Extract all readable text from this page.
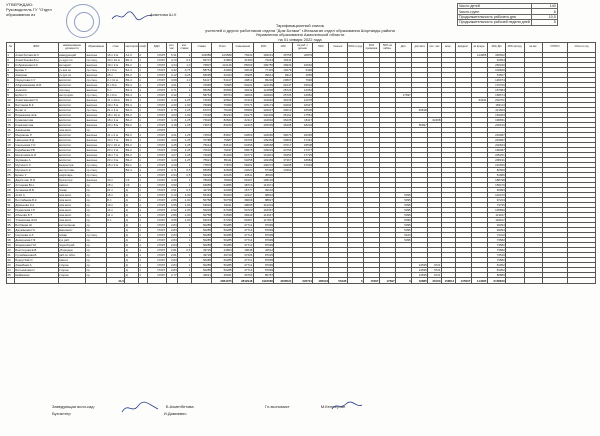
УТВЕРЖДАЮ:
Руководитель ГУ "Отдел
образования из	Ахметова Ш.Х
Тарификационный список
учителей и других работников отдела "Дом Ботаки" г.Жезказган отдел образования Шортанды района
Управления образования Акмолинской области
на 01 января 2022 года
Число детей	140
Число групп	6
Продолжительность рабочего дня	10,5
Продолжительность рабочей недели дней	5
№	ФИО	наименование должности	образование	стаж	категория	коэф.	БДО	кол. час	кол. ставок	ставка	Итого	повышение	25%	10%	за раб. с детьми	50%	Сельск.	50% кл.рук	30% проверка	50% за кабин.	Доп.	доплата	кол. час	возр.	вреднос.	за вредн.	40% ДО	40% молод.	за кат.	ИТОГО	Итого в год
1	Ахметбетова Ш.Х	заведующий	высшее	16 л 3 м	А1-3	2	17697	5,31	1	104589	104589	78442	183031	45758	22879											114385	366562				
2	Ахметбекова Б.Н	уч.курс.по	ср.спец.	19 л 10 м	В2-4	1	17697	4,73	0,5	83707	41853	31390	73243	18311													91554				
3	Кобдикенова К.К	методист	высшее	19 л 3 м	В3-2	1	17697	4,34	1,0	76807	114146	85609	199755	49939	16646												266340				
4	Ержан Т	уч.каз.яз	ср.спец.	3 л 0 м	Б4-4	1	17697	3,32	0,75	58754	44066	33049	77115	19279	6426												102820				
5	Амирхан	уч.рус.яз	высшее	25 л	В3-2	1	17697	3,12	0,25	56695	22463	16985	39641	9910	4955												54507				
6	Окунулова С.У	воспитат.	ср.спец.	2 л 11 м	В3-4	1	17697	3,09	1,0	54417	54417	40813	95230	23807	7936												126974				
7	Абдрахманова Ж.Б	воспитат.	высшее	6 л 8 м	В3-4	1	17697	4,01	1	70965	70965	53224	124189	31047	15524												170760				
8	Анасиса	логопед	высшее	5 л	В3-4	1	17697	3,71	1	65656	65656	49242	114898	28724	14362												157984				
9	Ербол С	инстр.физ.	ср.спец.	6 л 0 м	В3-4	1	17697	3,32	1	58754	58754	44066	102820	25705	12852						17697						158574				
10	Ахметжанова Г.К	воспитат.	высшее	11 л 10 м	В3-2	1	17697	4,10	1,25	72620	92822	62119	144940	36235	12078											64311	202761				
11	Балтаева Б.К	воспитат.	высшее	19 л 5 м	В3-4	1	17697	4,30	1,00	76099	76099	57074	133173	33293	16647												183113				
12	Болат А	воспитат.	ср.спец.	21 л 4 м	В4-3	1	17697	3,75	1,25	67072	75446	56582	132027	33012	16506							40618					211563				
13	Биржанова Ж.Е	воспитат.	высшее	18 л 10 м	В3-2	1	17697	4,03	1,00	71318	80234	60175	140409	35102	17551												193063				
14	Кужахметова	воспитат.	высшее	18 л 4 м	В4-2	1	17697	4,16	1,25	73620	82823	62117	144940	36235	18117								62468				199651				
15	Кожахметова	воспитат.	высшее	20 л 8 м	В3-2	1	17697	4,18	1,25	73974	83220	62415	145635	36408	18204							56997					200610				
16	Ажикенова	пом.восп.	ср.				17697																								
17	Мырзахан Р	воспитат.	высшее	11 л 4 м	В3-3	1	17697	4,21	1,25	74504	83817	62863	146680	36670	18335												204087				
18	Накорова Ф.Д	воспитат.	высшее	19 л 7 м	В3-2	1	17697	4,00	1,25	70788	79687	59765	139452	34863	17431												203997				
19	Сансызова Г.О	воспитат.	высшее	22 л 10 м	В3-2	1	17697	4,25	1,25	75212	84610	63458	148068	37017	18508												202844				
20	Карабаева Р.Б	воспитат.	высшее	23 л 2 м	В3-2	1	17697	3,99	1,25	70610	79437	59578	139015	34754	17377												199487				
21	Шегалиева Н.И	воспитат.	высшее	18 л 7 м	В3-2	1	17697	4,07	1,25	72026	81029	60772	141801	35450	17725												205251				
22	Жумаева А	воспитат.	высшее	20 л 0 м	В3-2	1	17697	4,29	1,25	75921	85411	64058	149469	37367	18684												208191				
23	Мусина К.Х	медсестра	ср.спец.	15 л 4 м	В4-1	1	17697	4,40	1	77870	77870	58402	136272	34068	17034												191650				
24	Мусина К.К	инстр.плав.	ср.спец.		В4-4	1	17697	3,71	0,5	65655	32828	24620	57448	14362													82060				
25	Ерние У	секретарь	ср.спец.			1	17697	2,94	0,5	52029	26015	19511	45526														81986				
26	Даулетнат И.Я	бухгалтер	высшее	10 л	С2	1	17697	4,46	1	78929	78929	59197	138126														188798				
27	Астанова В.Н	завхоз	ср.	15 л	С3	1	17697	3,90	1	64955	64955	48716	113671														158479				
28	Асланова В.Б	повар	ср.	21 л	Д	1	17697	2,51	0,5	44739	22369	16777	39146														60993				
29	Асей А	пом.восп.	ср.	15 л	Д	1	17697	3,10	1,00	56463	56463	42347	98810								5395						102070				
30	Болтабаева Б.К	пом.восп.	ср.	8 л	Д	1	17697	2,86	1,00	50758	50758	38069	88827								5395						97224				
31	Даменова З.А	пом.восп.	ср.	10 л	Д	1	17697	3,05	1,00	53922	64011	48008	112019								5395						73795				
32	Реджепова Г.Р	пом.восп.	ср.	14 л	Д	1	17697	2,92	1,00	52029	67638	50729	118367								5395						105890				
33	Абенова Б.Т	пом.восп.	ср.	11 л	Д	1	17697	2,86	1,00	50758	64598	48449	113047								5395						113047				
34	Тлемисова Ж.М	пом.восп.	ср.	9 л	Д	1	17697	3,55	1,00	63223	67330	50497	117827								5395						118427				
35	Ботбаева Ш	кастелянша	ср.		Д	1	17697	2,84	1	50285	50285	37714	87999								5395						93394				
36	Джуманова Г.К	машинист	ср.		Д	1	17697	2,84	1	50285	50285	37714	87999								5395						93394				
37	Сергеева А.З	повар	ср.спец.		Д	1	17697	2,84	1	50285	50285	37714	87999								6163						73310				
38	Демеунова Г.Ф	кух.раб.	ср.		Д	1	17697	2,84	1	50285	50285	37714	87999								5395						73582				
39	Жаркенова Г.М	подсоб.раб.	ср.		Д	1	17697	2,84	1	50285	50285	37714	87999														73582				
40	Бектлеуова Е.В	уборщица	ср.		Д	1	17697	2,81	0,5	49729	24864	18648	43512														73582				
41	Сулейменова Б	раб.по обсл.	ср.		Д	1	17697	2,81	1	49729	49729	37296	87025														73519				
42	Беркутбай О	завхоз	ср.		Д	1	17697	2,84	1	50285	50285	37714	87999														73582				
43	Аманбаев А	сторож	ср.		Д	1	17697	2,84	1	50285	50285	37714	87999									14535	6721				81952				
44	Битемисова Н	сторож	ср.		Д	1	17697	2,84	1	50285	50285	37714	87999									14535	6721				81952				
45	Шаймахан	сторож	ср.		Д	1	17697	2,77	1	49021	49021	36766	85787									14535	6721				80889				
				44,0							2864975	2842948	1994580	4468534	622701	485024	56436	0	15007	17697	0	42885	26163	158614	125607	114385	6158840				
Заведующая ясли-сад:	Б.Ахметбетова
Бухгалтер	И.Дамиевич
Гл.экономист	М.Кенжеухан
